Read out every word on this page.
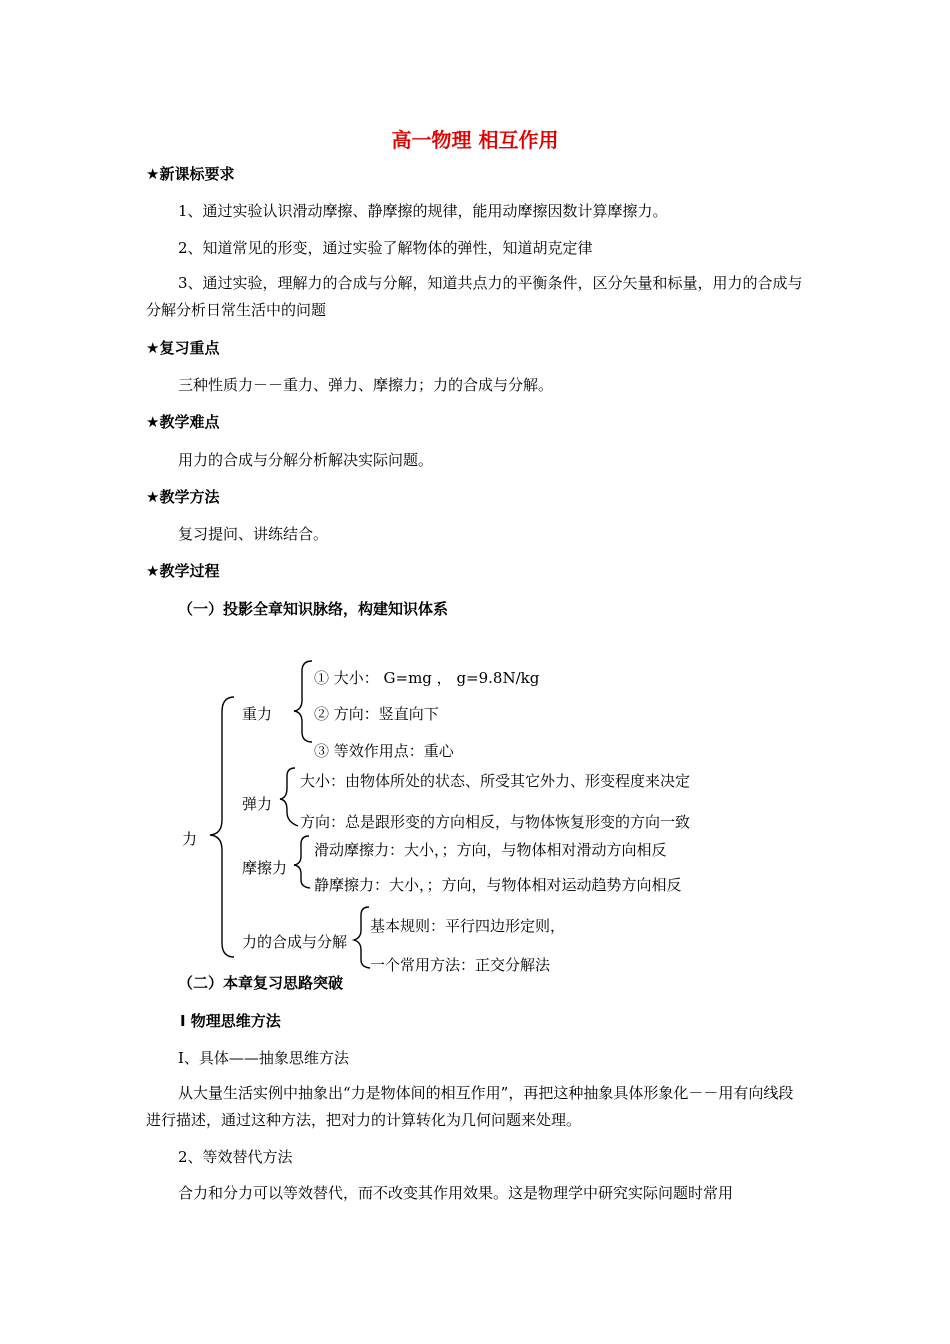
高一物理 相互作用
★新课标要求
1、通过实验认识滑动摩擦、静摩擦的规律，能用动摩擦因数计算摩擦力。
2、知道常见的形变，通过实验了解物体的弹性，知道胡克定律
3、通过实验，理解力的合成与分解，知道共点力的平衡条件，区分矢量和标量，用力的合成与分解分析日常生活中的问题
★复习重点
三种性质力－－重力、弹力、摩擦力；力的合成与分解。
★教学难点
用力的合成与分解分析解决实际问题。
★教学方法
复习提问、讲练结合。
★教学过程
（一）投影全章知识脉络，构建知识体系
力
重力
① 大小： G=mg ， g=9.8N/kg
② 方向：竖直向下
③ 等效作用点：重心
弹力
大小：由物体所处的状态、所受其它外力、形变程度来决定
方向：总是跟形变的方向相反，与物体恢复形变的方向一致
摩擦力
滑动摩擦力：大小，；方向，与物体相对滑动方向相反
静摩擦力：大小，；方向，与物体相对运动趋势方向相反
力的合成与分解
基本规则：平行四边形定则，
一个常用方法：正交分解法
（二）本章复习思路突破
Ⅰ 物理思维方法
Ⅰ、具体——抽象思维方法
从大量生活实例中抽象出“力是物体间的相互作用”，再把这种抽象具体形象化－－用有向线段进行描述，通过这种方法，把对力的计算转化为几何问题来处理。
2、等效替代方法
合力和分力可以等效替代，而不改变其作用效果。这是物理学中研究实际问题时常用
